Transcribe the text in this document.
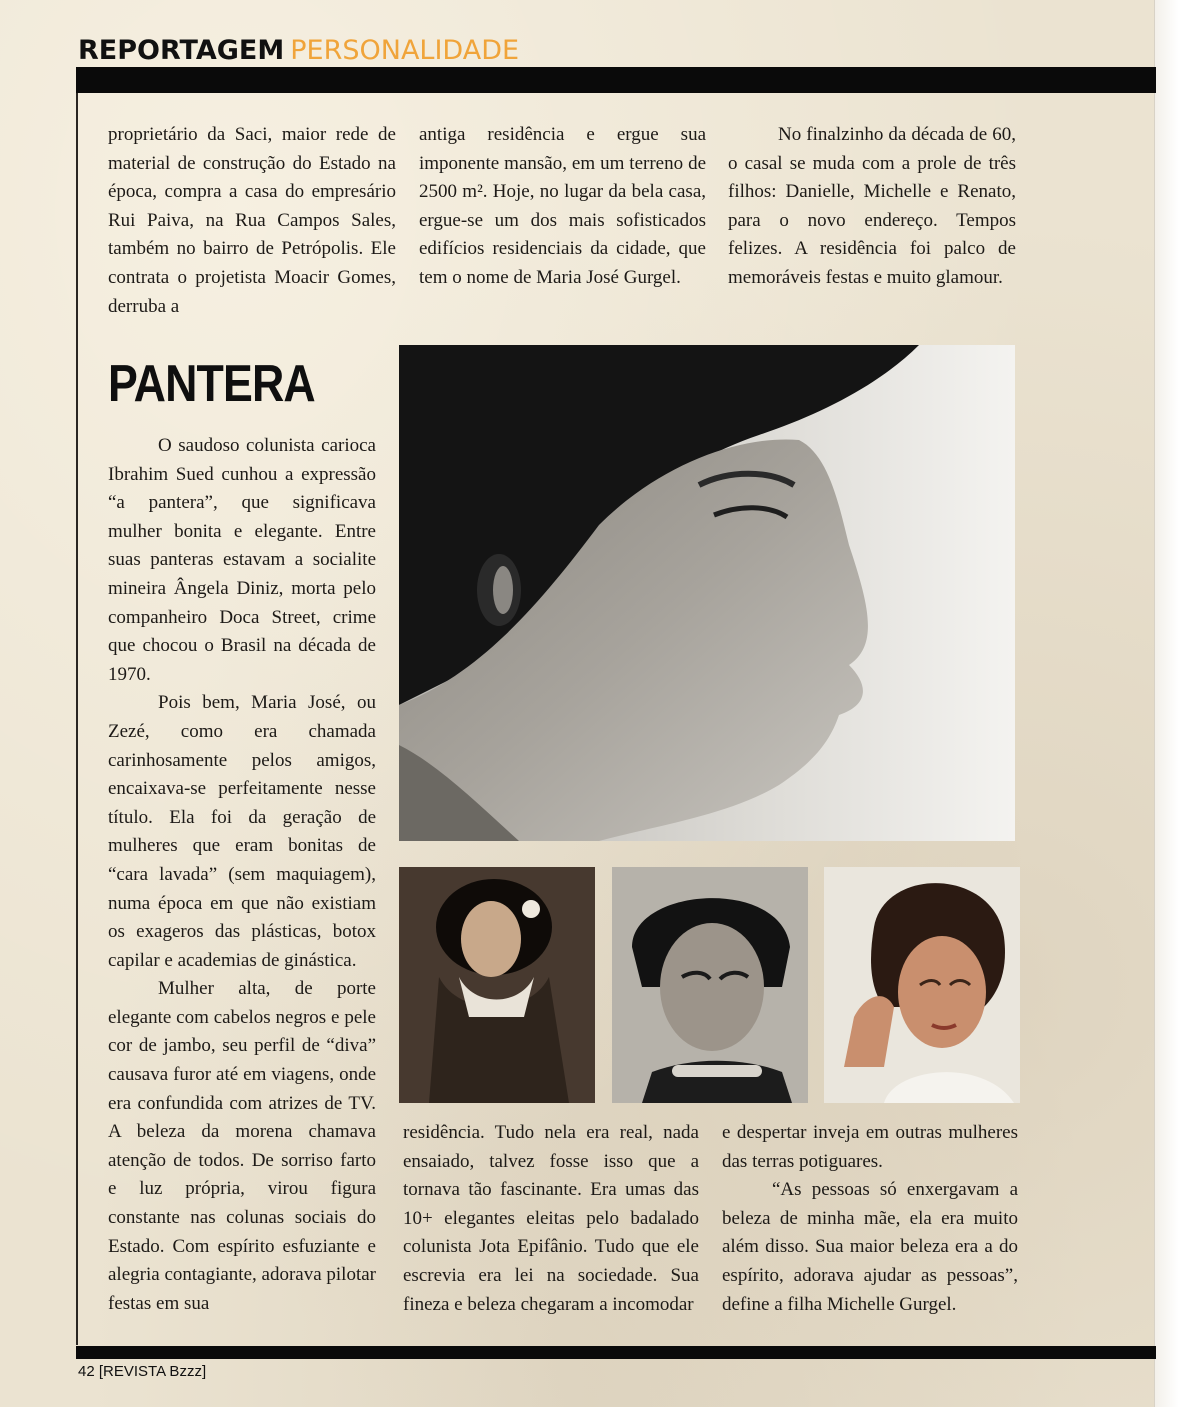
REPORTAGEM PERSONALIDADE

proprietário da Saci, maior rede de material de construção do Estado na época, compra a casa do empresário Rui Paiva, na Rua Campos Sales, também no bairro de Petrópolis. Ele contrata o projetista Moacir Gomes, derruba a

antiga residência e ergue sua imponente mansão, em um terreno de 2500 m². Hoje, no lugar da bela casa, ergue-se um dos mais sofisticados edifícios residenciais da cidade, que tem o nome de Maria José Gurgel.

No finalzinho da década de 60, o casal se muda com a prole de três filhos: Danielle, Michelle e Renato, para o novo endereço. Tempos felizes. A residência foi palco de memoráveis festas e muito glamour.

PANTERA

O saudoso colunista carioca Ibrahim Sued cunhou a expressão “a pantera”, que significava mulher bonita e elegante. Entre suas panteras estavam a socialite mineira Ângela Diniz, morta pelo companheiro Doca Street, crime que chocou o Brasil na década de 1970.

Pois bem, Maria José, ou Zezé, como era chamada carinhosamente pelos amigos, encaixava-se perfeitamente nesse título. Ela foi da geração de mulheres que eram bonitas de “cara lavada” (sem maquiagem), numa época em que não existiam os exageros das plásticas, botox capilar e academias de ginástica.

Mulher alta, de porte elegante com cabelos negros e pele cor de jambo, seu perfil de “diva” causava furor até em viagens, onde era confundida com atrizes de TV. A beleza da morena chamava atenção de todos. De sorriso farto e luz própria, virou figura constante nas colunas sociais do Estado. Com espírito esfuziante e alegria contagiante, adorava pilotar festas em sua

residência. Tudo nela era real, nada ensaiado, talvez fosse isso que a tornava tão fascinante. Era umas das 10+ elegantes eleitas pelo badalado colunista Jota Epifânio. Tudo que ele escrevia era lei na sociedade. Sua fineza e beleza chegaram a incomodar

e despertar inveja em outras mulheres das terras potiguares.

“As pessoas só enxergavam a beleza de minha mãe, ela era muito além disso. Sua maior beleza era a do espírito, adorava ajudar as pessoas”, define a filha Michelle Gurgel.

42 [REVISTA Bzzz]
